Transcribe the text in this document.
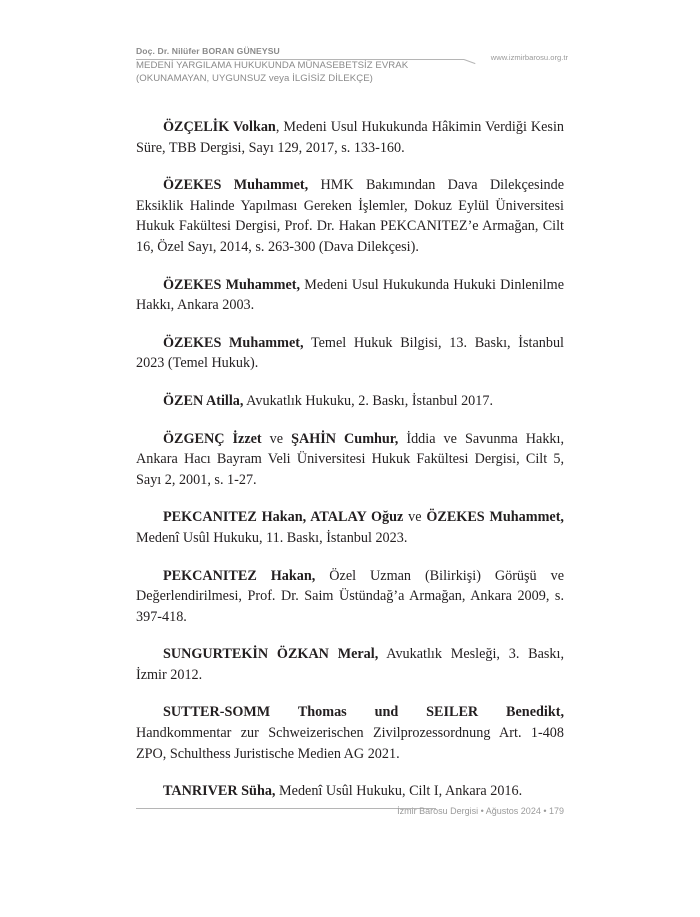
Doç. Dr. Nilüfer BORAN GÜNEYSU
MEDENİ YARGILAMA HUKUKUNDA MÜNASEBETSİZ EVRAK
(OKUNAMAYAN, UYGUNSUZ veya İLGİSİZ DİLEKÇE)
www.izmirbarosu.org.tr

ÖZÇELİK Volkan, Medeni Usul Hukukunda Hâkimin Verdiği Kesin Süre, TBB Dergisi, Sayı 129, 2017, s. 133-160.

ÖZEKES Muhammet, HMK Bakımından Dava Dilekçesinde Eksiklik Halinde Yapılması Gereken İşlemler, Dokuz Eylül Üniversitesi Hukuk Fakültesi Dergisi, Prof. Dr. Hakan PEKCANITEZ’e Armağan, Cilt 16, Özel Sayı, 2014, s. 263-300 (Dava Dilekçesi).

ÖZEKES Muhammet, Medeni Usul Hukukunda Hukuki Dinlenilme Hakkı, Ankara 2003.

ÖZEKES Muhammet, Temel Hukuk Bilgisi, 13. Baskı, İstanbul 2023 (Temel Hukuk).

ÖZEN Atilla, Avukatlık Hukuku, 2. Baskı, İstanbul 2017.

ÖZGENÇ İzzet ve ŞAHİN Cumhur, İddia ve Savunma Hakkı, Ankara Hacı Bayram Veli Üniversitesi Hukuk Fakültesi Dergisi, Cilt 5, Sayı 2, 2001, s. 1-27.

PEKCANITEZ Hakan, ATALAY Oğuz ve ÖZEKES Muhammet, Medenî Usûl Hukuku, 11. Baskı, İstanbul 2023.

PEKCANITEZ Hakan, Özel Uzman (Bilirkişi) Görüşü ve Değerlendirilmesi, Prof. Dr. Saim Üstündağ’a Armağan, Ankara 2009, s. 397-418.

SUNGURTEKİN ÖZKAN Meral, Avukatlık Mesleği, 3. Baskı, İzmir 2012.

SUTTER-SOMM Thomas und SEILER Benedikt, Handkommentar zur Schweizerischen Zivilprozessordnung Art. 1-408 ZPO, Schulthess Juristische Medien AG 2021.

TANRIVER Süha, Medenî Usûl Hukuku, Cilt I, Ankara 2016.

İzmir Barosu Dergisi • Ağustos 2024 • 179
